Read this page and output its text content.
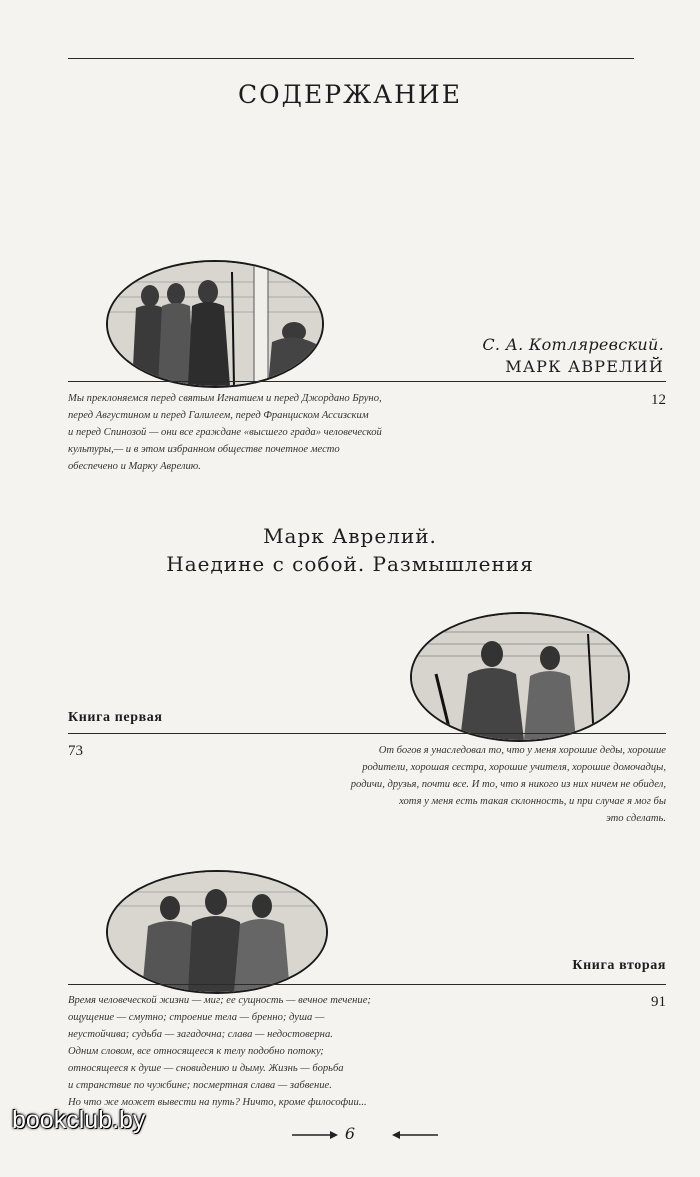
СОДЕРЖАНИЕ
С. А. Котляревский.
МАРК АВРЕЛИЙ
Мы преклоняемся перед святым Игнатием и перед Джордано Бруно,
перед Августином и перед Галилеем, перед Франциском Ассизским
и перед Спинозой — они все граждане «высшего града» человеческой
культуры,— и в этом избранном обществе почетное место
обеспечено и Марку Аврелию.
12
Марк Аврелий.
Наедине с собой. Размышления
Книга первая
73	От богов я унаследовал то, что у меня хорошие деды, хорошие
родители, хорошая сестра, хорошие учителя, хорошие домочадцы,
родичи, друзья, почти все. И то, что я никого из них ничем не обидел,
хотя у меня есть такая склонность, и при случае я мог бы
это сделать.
Книга вторая
Время человеческой жизни — миг; ее сущность — вечное течение;
ощущение — смутно; строение тела — бренно; душа —
неустойчива; судьба — загадочна; слава — недостоверна.
Одним словом, все относящееся к телу подобно потоку;
относящееся к душе — сновидению и дыму. Жизнь — борьба
и странствие по чужбине; посмертная слава — забвение.
Но что же может вывести на путь? Ничто, кроме философии...
91
6
bookclub.by
